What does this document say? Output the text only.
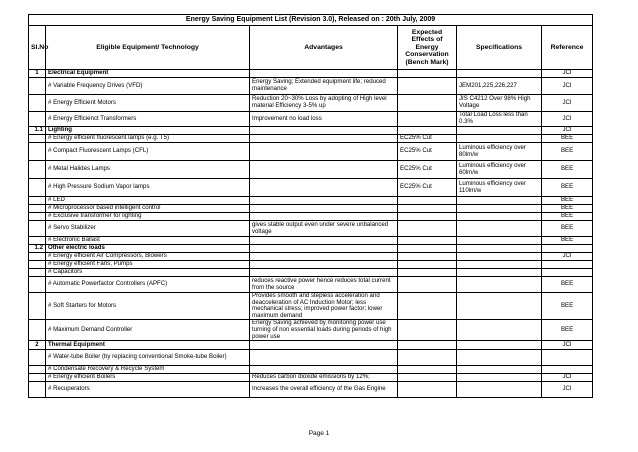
Energy Saving Equipment List (Revision 3.0), Released on : 20th July, 2009					
Sl.No	Eligible Equipment/ Technology	Advantages	Expected Effects of Energy Conservation (Bench Mark)	Specifications	Reference
1	Electrical Equipment				JCI
	# Variable Frequency Drives (VFD)	Energy Saving; Extended equipment life; reduced maintenance		JEM201,225,226,227	JCI
	# Energy Efficient Motors	Reduction 20~30% Loss by adopting of High level material Efficiency 3-5% up		JIS C4212 Over 98% High Voltage	JCI
	# Energy Efficienct Transformers	Improvement no load loss		Total Load Loss less than 0.3%	JCI
1.1	Lighting				JCI
	# Energy efficient fluorescent lamps (e.g. T5)		EC25% Cut		BEE
	# Compact Fluorescent Lamps (CFL)		EC25% Cut	Luminous efficiency over 80lm/w	BEE
	# Metal Halides Lamps		EC25% Cut	Luminous efficiency over 60lm/w	BEE
	# High Pressure Sodium Vapor lamps		EC25% Cut	Luminous efficiency over 110lm/w	BEE
	# LED				BEE
	# Microprocessor based intelligent control				BEE
	# Exclusive transformer for lighting				BEE
	# Servo Stabilizer	gives stable output even under severe unbalanced voltage			BEE
	# Electronic Ballast				BEE
1.2	Other electric loads				
	# Energy efficient Air Compressors, Blowers				JCI
	# Energy efficient Fans, Pumps				
	# Capacitors				
	# Automatic Powerfactor Controllers (APFC)	reduces reactive power hence reduces total current from the source			BEE
	# Soft Starters for Motors	Provides smooth and stepless acceleration and deacceleration of AC Induction Motor; less mechanical stress; improved power factor; lower maximum demand			BEE
	# Maximum Demand Controller	Energy Saving achieved by monitoring power use turning of non essential loads during periods of high power use			BEE
2	Thermal Equipment				JCI
	# Water-tube Boiler (by replacing conventional Smoke-tube Boiler)				
	# Condensate Recovery & Recycle System				
	# Energy efficient Boilers	Reduces carbon dioxide emissions by 12%;			JCI
	# Recuperators	Increases the overall efficiency of the Gas Engine			JCI
Page 1
